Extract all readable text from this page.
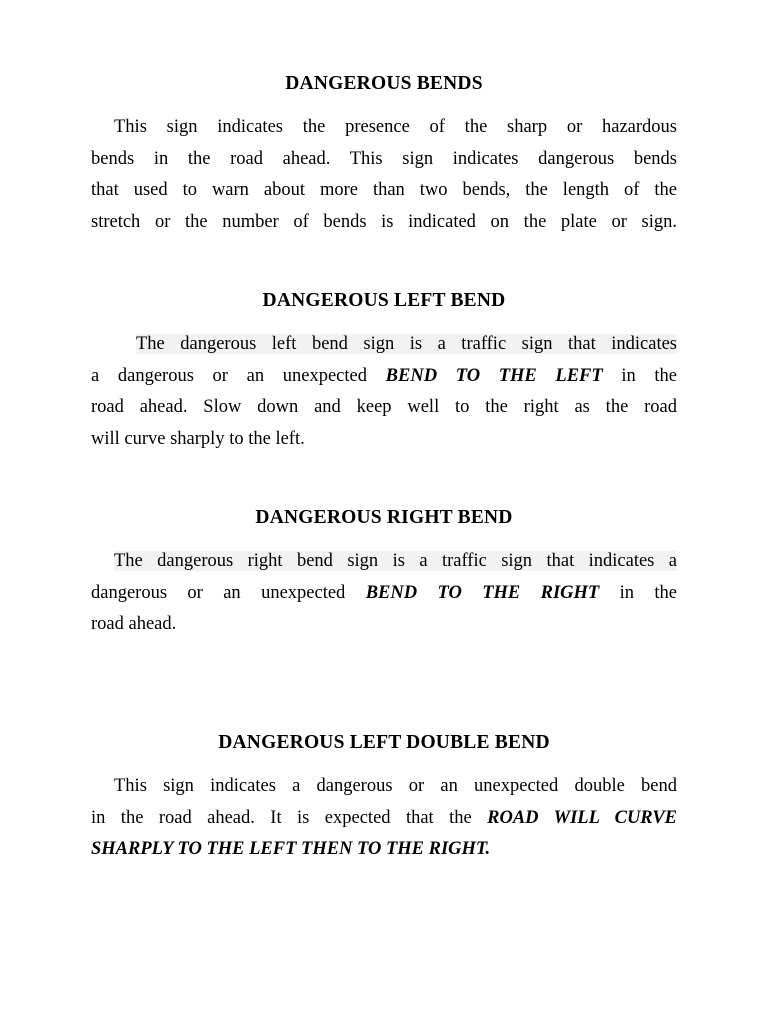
DANGEROUS BENDS
This sign indicates the presence of the sharp or hazardous
bends in the road ahead. This sign indicates dangerous bends
that used to warn about more than two bends, the length of the
stretch or the number of bends is indicated on the plate or sign.
DANGEROUS LEFT BEND
The dangerous left bend sign is a traffic sign that indicates
a dangerous or an unexpected BEND TO THE LEFT in the
road ahead. Slow down and keep well to the right as the road
will curve sharply to the left.
DANGEROUS RIGHT BEND
The dangerous right bend sign is a traffic sign that indicates a
dangerous or an unexpected BEND TO THE RIGHT in the
road ahead.
DANGEROUS LEFT DOUBLE BEND
This sign indicates a dangerous or an unexpected double bend
in the road ahead. It is expected that the ROAD WILL CURVE
SHARPLY TO THE LEFT THEN TO THE RIGHT.
